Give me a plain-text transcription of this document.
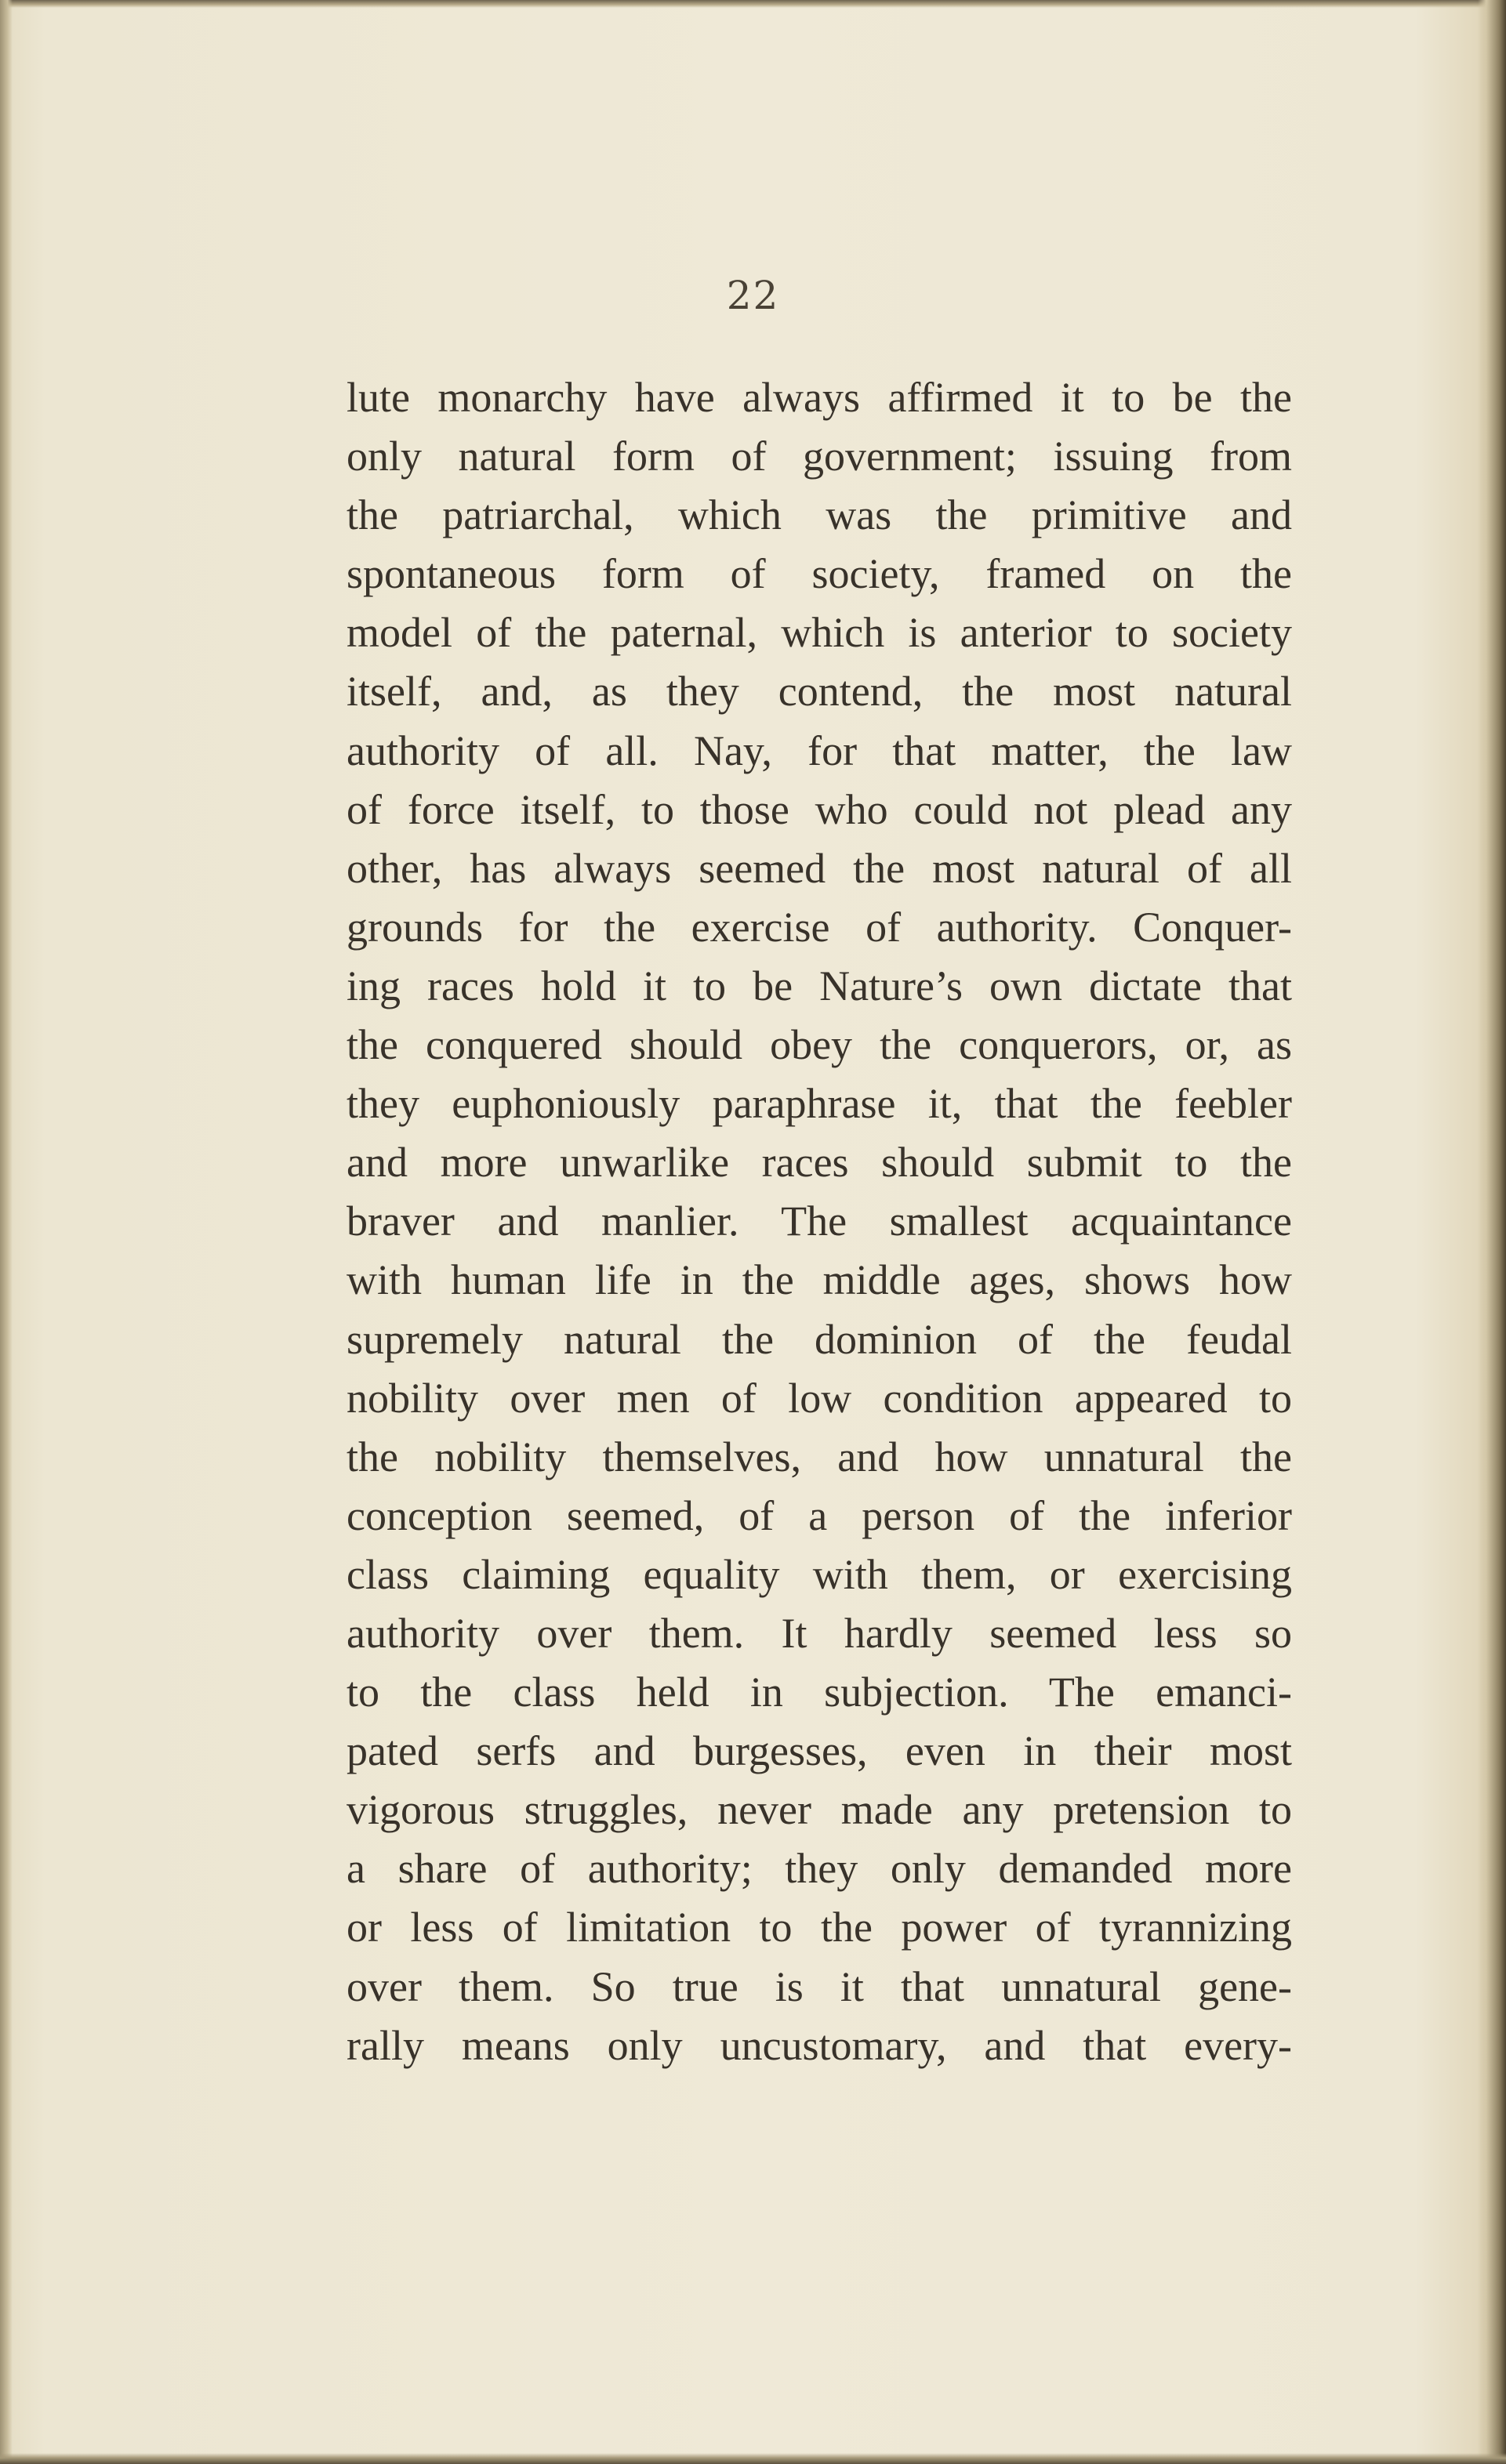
22
lute monarchy have always affirmed it to be the
only natural form of government; issuing from
the patriarchal, which was the primitive and
spontaneous form of society, framed on the
model of the paternal, which is anterior to society
itself, and, as they contend, the most natural
authority of all. Nay, for that matter, the law
of force itself, to those who could not plead any
other, has always seemed the most natural of all
grounds for the exercise of authority. Conquer-
ing races hold it to be Nature’s own dictate that
the conquered should obey the conquerors, or, as
they euphoniously paraphrase it, that the feebler
and more unwarlike races should submit to the
braver and manlier. The smallest acquaintance
with human life in the middle ages, shows how
supremely natural the dominion of the feudal
nobility over men of low condition appeared to
the nobility themselves, and how unnatural the
conception seemed, of a person of the inferior
class claiming equality with them, or exercising
authority over them. It hardly seemed less so
to the class held in subjection. The emanci-
pated serfs and burgesses, even in their most
vigorous struggles, never made any pretension to
a share of authority; they only demanded more
or less of limitation to the power of tyrannizing
over them. So true is it that unnatural gene-
rally means only uncustomary, and that every-
